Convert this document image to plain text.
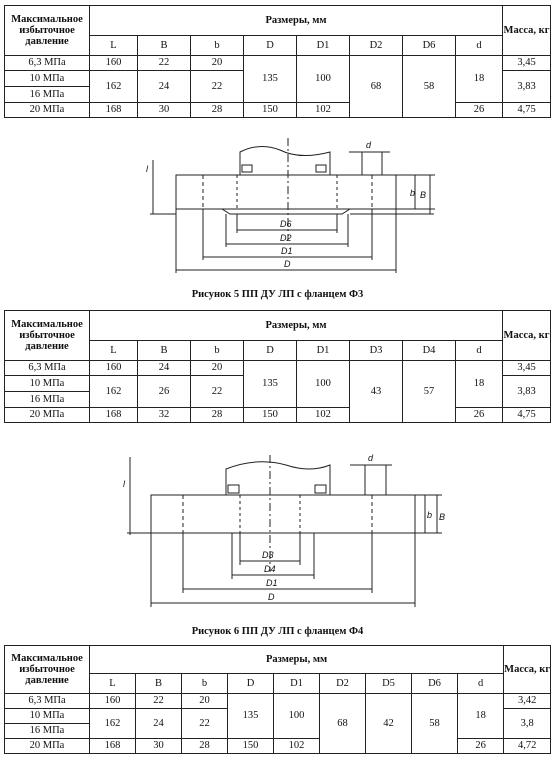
Максимальное избыточное давление	Размеры, мм								Масса, кг
	L	B	b	D	D1	D2	D6	d	
6,3 МПа	160	22	20	135	100	68	58	18	3,45
10 МПа	162	24	22						3,83
16 МПа									
20 МПа	168	30	28	150	102			26	4,75
l
d
b B
D6
D2
D1
D
Рисунок 5 ПП ДУ ЛП с фланцем Ф3
Максимальное избыточное давление	Размеры, мм								Масса, кг
	L	B	b	D	D1	D3	D4	d	
6,3 МПа	160	24	20	135	100	43	57	18	3,45
10 МПа	162	26	22						3,83
16 МПа									
20 МПа	168	32	28	150	102			26	4,75
l
d
b B
D3
D4
D1
D
Рисунок 6 ПП ДУ ЛП с фланцем Ф4
Максимальное избыточное давление	Размеры, мм									Масса, кг
	L	B	b	D	D1	D2	D5	D6	d	
6,3 МПа	160	22	20	135	100	68	42	58	18	3,42
10 МПа	162	24	22							3,8
16 МПа										
20 МПа	168	30	28	150	102				26	4,72
